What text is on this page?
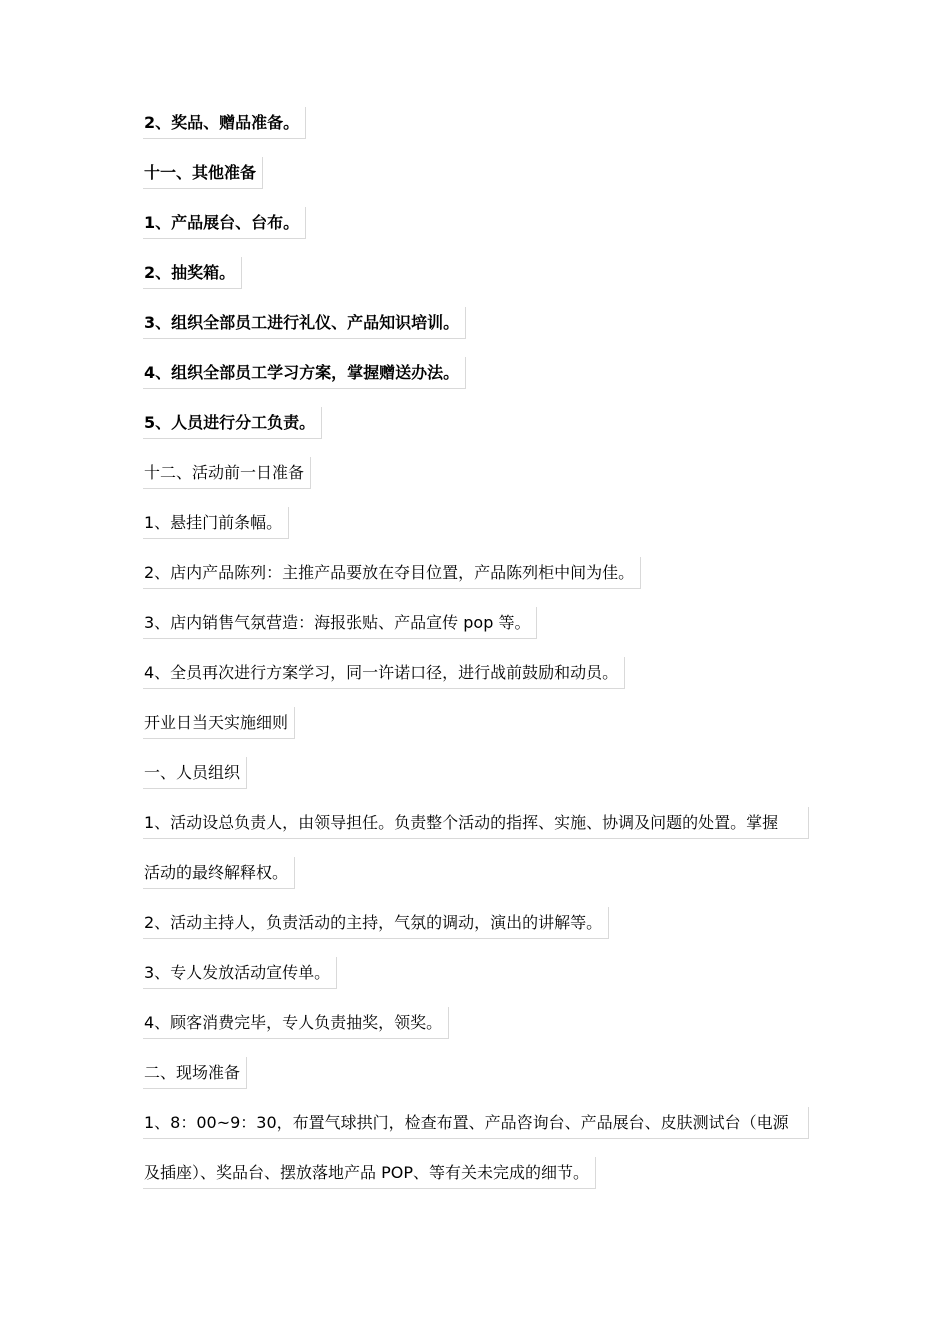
2、奖品、赠品准备。
十一、其他准备
1、产品展台、台布。
2、抽奖箱。
3、组织全部员工进行礼仪、产品知识培训。
4、组织全部员工学习方案，掌握赠送办法。
5、人员进行分工负责。
十二、活动前一日准备
1、悬挂门前条幅。
2、店内产品陈列：主推产品要放在夺目位置，产品陈列柜中间为佳。
3、店内销售气氛营造：海报张贴、产品宣传 pop 等。
4、全员再次进行方案学习，同一许诺口径，进行战前鼓励和动员。
开业日当天实施细则
一、人员组织
1、活动设总负责人，由领导担任。负责整个活动的指挥、实施、协调及问题的处置。掌握
活动的最终解释权。
2、活动主持人，负责活动的主持，气氛的调动，演出的讲解等。
3、专人发放活动宣传单。
4、顾客消费完毕，专人负责抽奖，领奖。
二、现场准备
1、8：00~9：30，布置气球拱门，检查布置、产品咨询台、产品展台、皮肤测试台（电源
及插座）、奖品台、摆放落地产品 POP、等有关未完成的细节。
